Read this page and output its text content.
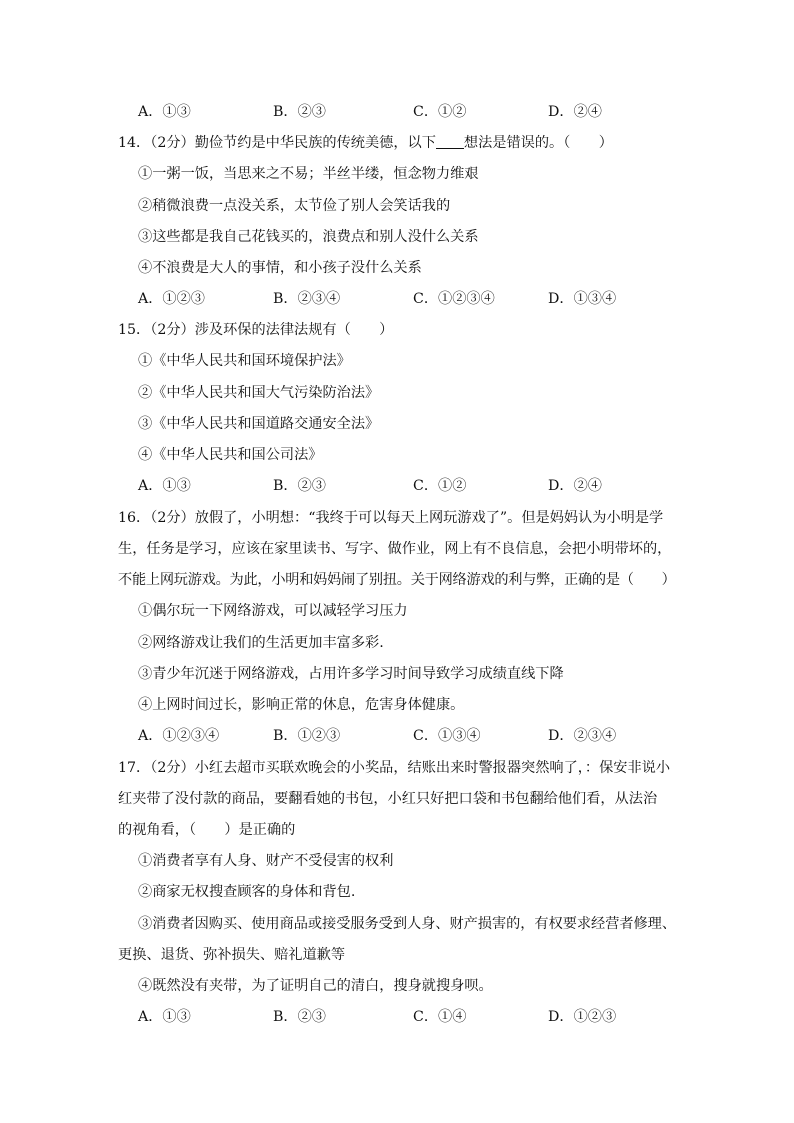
A．①③	B．②③	C．①②	D．②④
14．（2分）勤俭节约是中华民族的传统美德，以下 想法是错误的。（　　）
①一粥一饭，当思来之不易；半丝半缕，恒念物力维艰
②稍微浪费一点没关系，太节俭了别人会笑话我的
③这些都是我自己花钱买的，浪费点和别人没什么关系
④不浪费是大人的事情，和小孩子没什么关系
A．①②③	B．②③④	C．①②③④	D．①③④
15．（2分）涉及环保的法律法规有（　　）
①《中华人民共和国环境保护法》
②《中华人民共和国大气污染防治法》
③《中华人民共和国道路交通安全法》
④《中华人民共和国公司法》
A．①③	B．②③	C．①②	D．②④
16．（2分）放假了，小明想：“我终于可以每天上网玩游戏了”。但是妈妈认为小明是学
生，任务是学习，应该在家里读书、写字、做作业，网上有不良信息，会把小明带坏的，
不能上网玩游戏。为此，小明和妈妈闹了别扭。关于网络游戏的利与弊，正确的是（　　）
①偶尔玩一下网络游戏，可以减轻学习压力
②网络游戏让我们的生活更加丰富多彩.
③青少年沉迷于网络游戏，占用许多学习时间导致学习成绩直线下降
④上网时间过长，影响正常的休息，危害身体健康。
A．①②③④	B．①②③	C．①③④	D．②③④
17．（2分）小红去超市买联欢晚会的小奖品，结账出来时警报器突然响了，：保安非说小
红夹带了没付款的商品，要翻看她的书包，小红只好把口袋和书包翻给他们看，从法治
的视角看，（　　）是正确的
①消费者享有人身、财产不受侵害的权利
②商家无权搜查顾客的身体和背包.
③消费者因购买、使用商品或接受服务受到人身、财产损害的，有权要求经营者修理、
更换、退货、弥补损失、赔礼道歉等
④既然没有夹带，为了证明自己的清白，搜身就搜身呗。
A．①③	B．②③	C．①④	D．①②③
